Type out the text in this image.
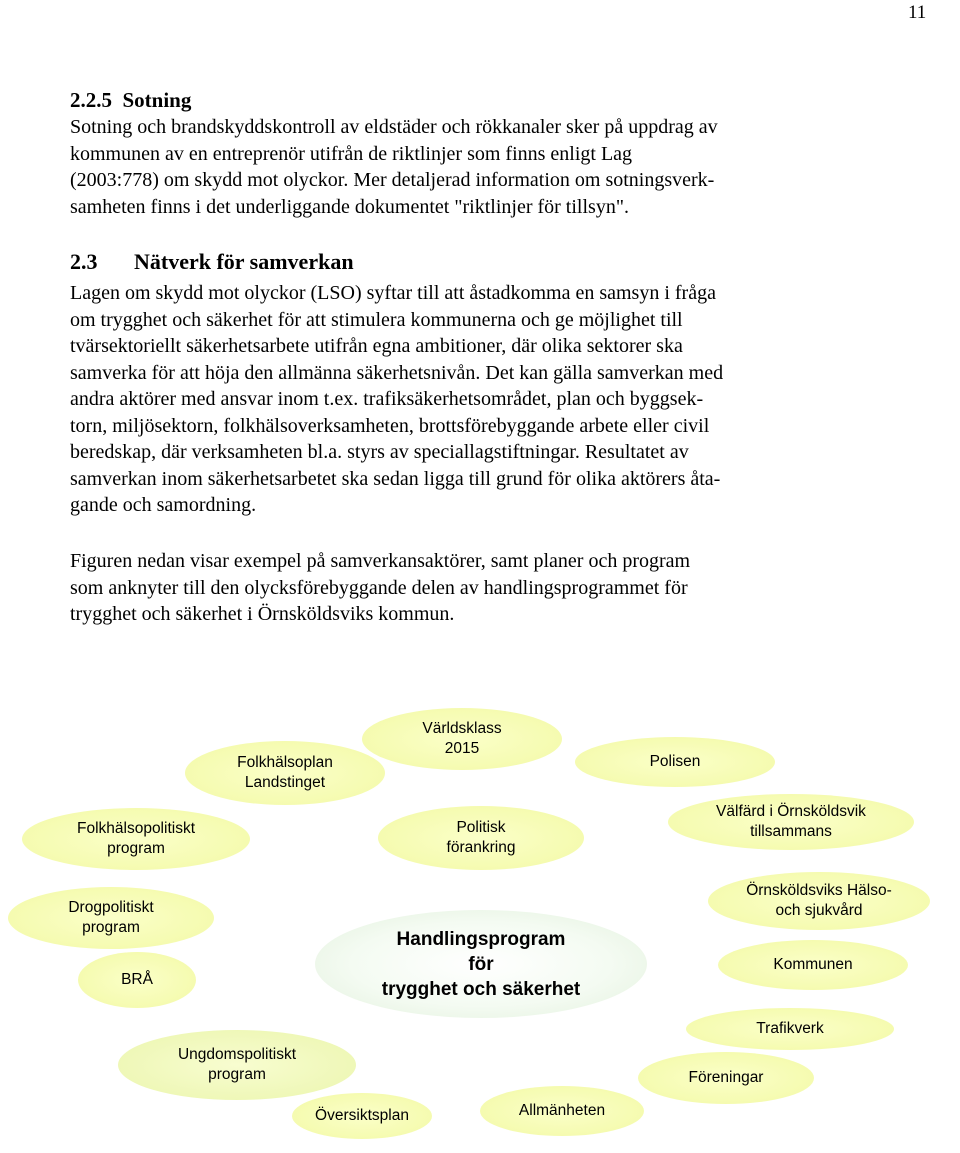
11
2.2.5 Sotning
Sotning och brandskyddskontroll av eldstäder och rökkanaler sker på uppdrag av
kommunen av en entreprenör utifrån de riktlinjer som finns enligt Lag
(2003:778) om skydd mot olyckor. Mer detaljerad information om sotningsverk-
samheten finns i det underliggande dokumentet "riktlinjer för tillsyn".
2.3 Nätverk för samverkan
Lagen om skydd mot olyckor (LSO) syftar till att åstadkomma en samsyn i fråga
om trygghet och säkerhet för att stimulera kommunerna och ge möjlighet till
tvärsektoriellt säkerhetsarbete utifrån egna ambitioner, där olika sektorer ska
samverka för att höja den allmänna säkerhetsnivån. Det kan gälla samverkan med
andra aktörer med ansvar inom t.ex. trafiksäkerhetsområdet, plan och byggsek-
torn, miljösektorn, folkhälsoverksamheten, brottsförebyggande arbete eller civil
beredskap, där verksamheten bl.a. styrs av speciallagstiftningar. Resultatet av
samverkan inom säkerhetsarbetet ska sedan ligga till grund för olika aktörers åta-
gande och samordning.
Figuren nedan visar exempel på samverkansaktörer, samt planer och program
som anknyter till den olycksförebyggande delen av handlingsprogrammet för
trygghet och säkerhet i Örnsköldsviks kommun.
Världsklass
2015
Folkhälsoplan
Landstinget
Polisen
Folkhälsopolitiskt
program
Politisk
förankring
Välfärd i Örnsköldsvik
tillsammans
Drogpolitiskt
program
Örnsköldsviks Hälso-
och sjukvård
Handlingsprogram
för
trygghet och säkerhet
BRÅ
Kommunen
Trafikverk
Ungdomspolitiskt
program	Föreningar
Översiktsplan	Allmänheten
